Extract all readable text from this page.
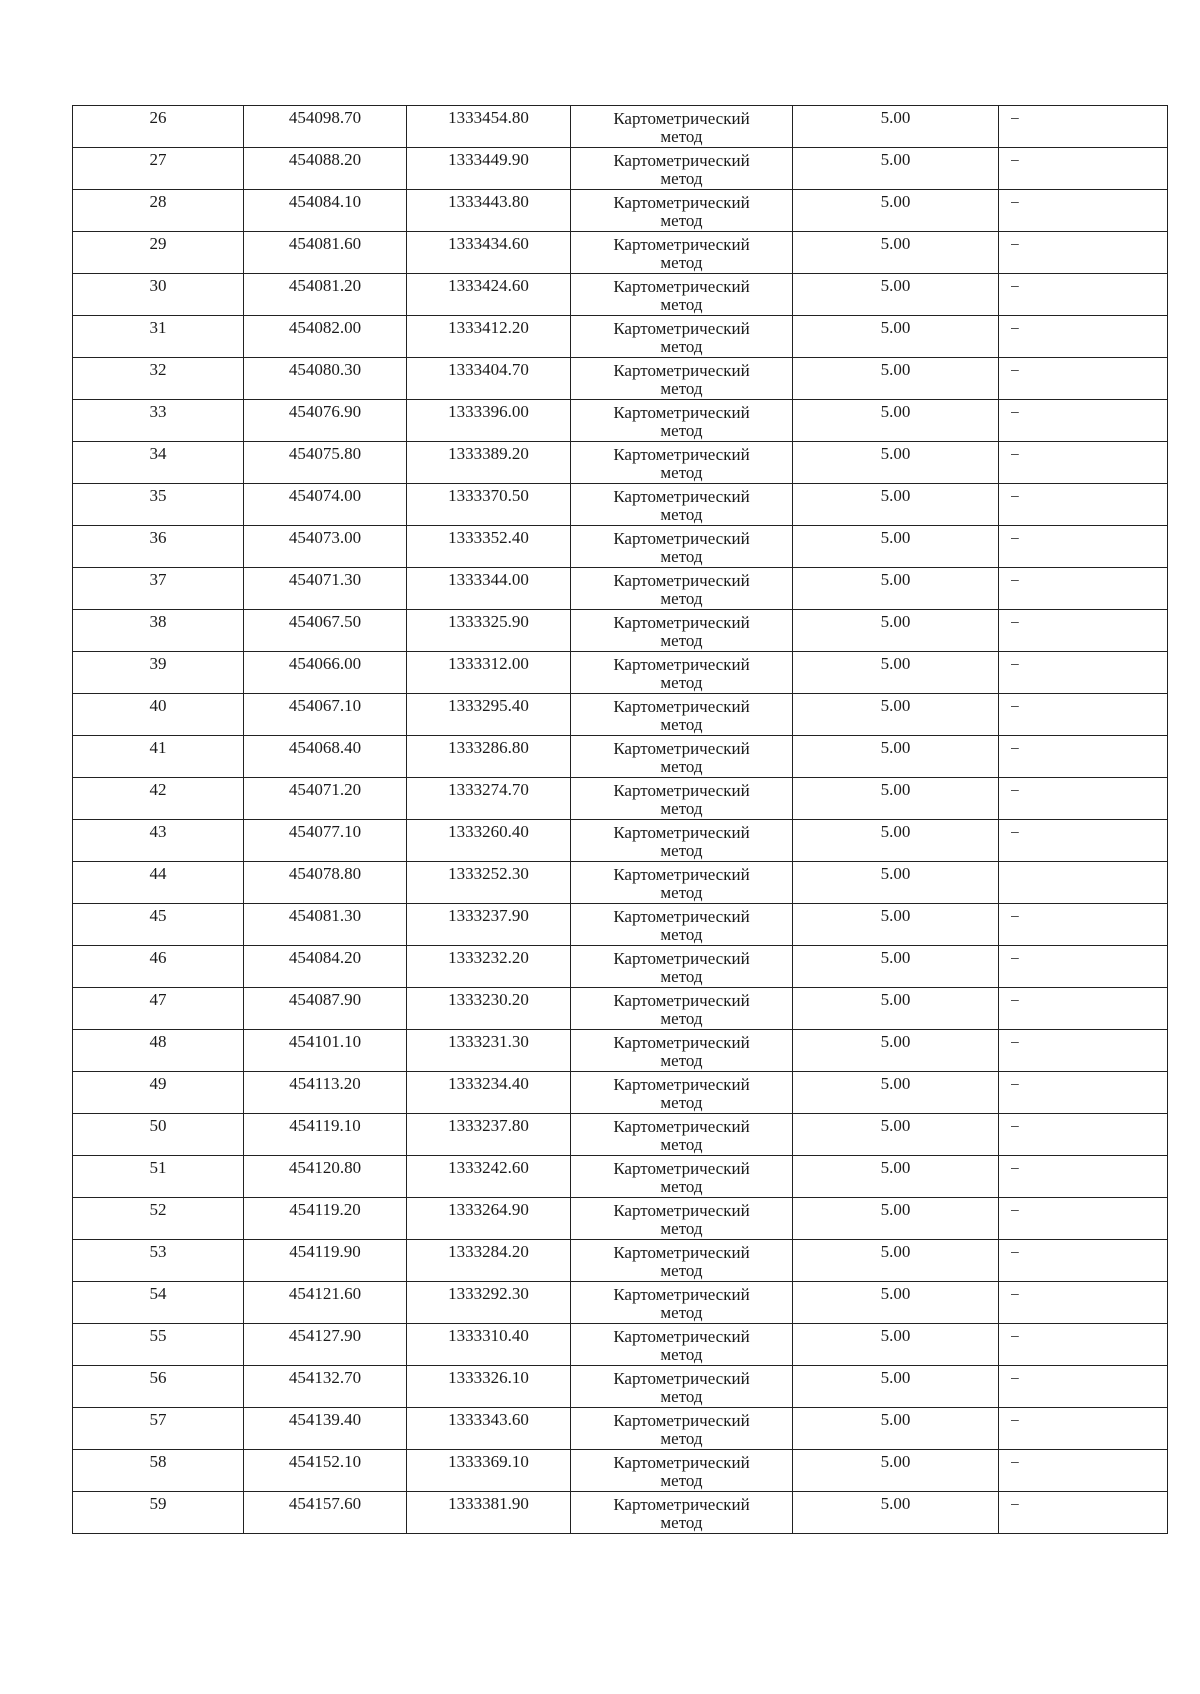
26	454098.70	1333454.80	Картометрический
метод	5.00	–

27	454088.20	1333449.90	Картометрический
метод	5.00	–

28	454084.10	1333443.80	Картометрический
метод	5.00	–

29	454081.60	1333434.60	Картометрический
метод	5.00	–

30	454081.20	1333424.60	Картометрический
метод	5.00	–

31	454082.00	1333412.20	Картометрический
метод	5.00	–

32	454080.30	1333404.70	Картометрический
метод	5.00	–

33	454076.90	1333396.00	Картометрический
метод	5.00	–

34	454075.80	1333389.20	Картометрический
метод	5.00	–

35	454074.00	1333370.50	Картометрический
метод	5.00	–

36	454073.00	1333352.40	Картометрический
метод	5.00	–

37	454071.30	1333344.00	Картометрический
метод	5.00	–

38	454067.50	1333325.90	Картометрический
метод	5.00	–

39	454066.00	1333312.00	Картометрический
метод	5.00	–

40	454067.10	1333295.40	Картометрический
метод	5.00	–

41	454068.40	1333286.80	Картометрический
метод	5.00	–

42	454071.20	1333274.70	Картометрический
метод	5.00	–

43	454077.10	1333260.40	Картометрический
метод	5.00	–

44	454078.80	1333252.30	Картометрический
метод	5.00	

45	454081.30	1333237.90	Картометрический
метод	5.00	–

46	454084.20	1333232.20	Картометрический
метод	5.00	–

47	454087.90	1333230.20	Картометрический
метод	5.00	–

48	454101.10	1333231.30	Картометрический
метод	5.00	–

49	454113.20	1333234.40	Картометрический
метод	5.00	–

50	454119.10	1333237.80	Картометрический
метод	5.00	–

51	454120.80	1333242.60	Картометрический
метод	5.00	–

52	454119.20	1333264.90	Картометрический
метод	5.00	–

53	454119.90	1333284.20	Картометрический
метод	5.00	–

54	454121.60	1333292.30	Картометрический
метод	5.00	–

55	454127.90	1333310.40	Картометрический
метод	5.00	–

56	454132.70	1333326.10	Картометрический
метод	5.00	–

57	454139.40	1333343.60	Картометрический
метод	5.00	–

58	454152.10	1333369.10	Картометрический
метод	5.00	–

59	454157.60	1333381.90	Картометрический
метод	5.00	–
